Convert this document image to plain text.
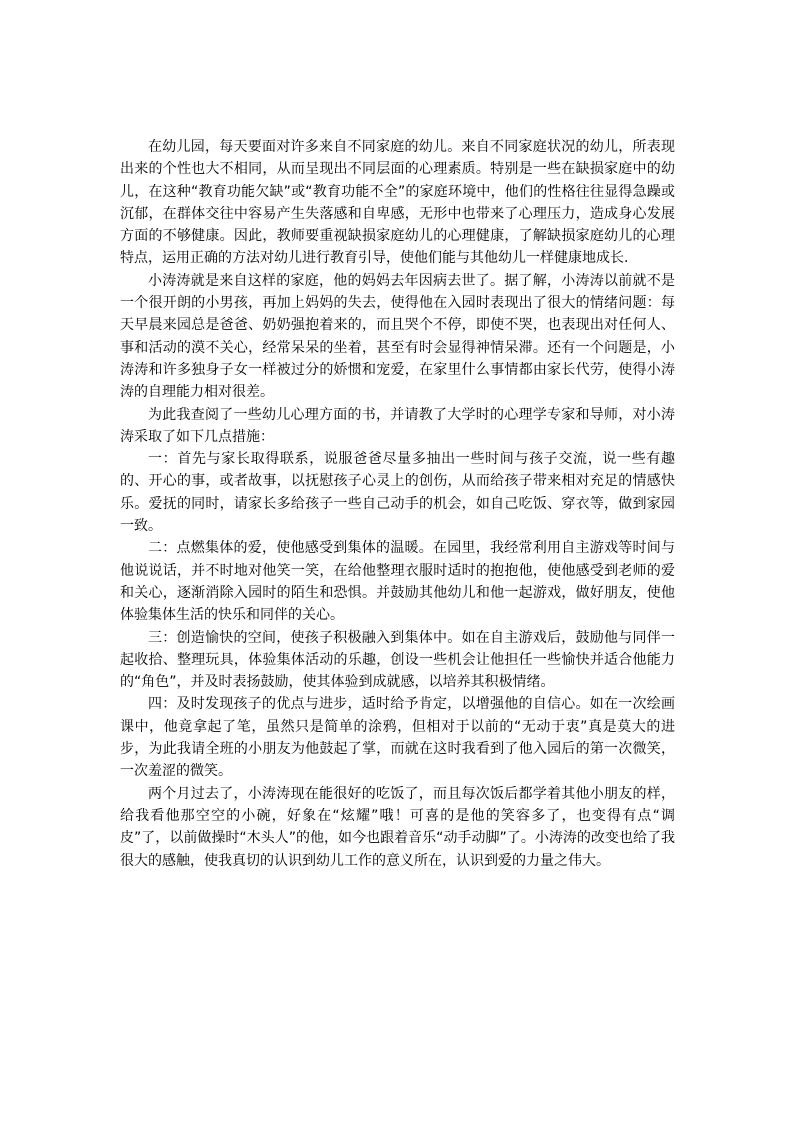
在幼儿园，每天要面对许多来自不同家庭的幼儿。来自不同家庭状况的幼儿，所表现出来的个性也大不相同，从而呈现出不同层面的心理素质。特别是一些在缺损家庭中的幼儿，在这种“教育功能欠缺”或“教育功能不全”的家庭环境中，他们的性格往往显得急躁或沉郁，在群体交往中容易产生失落感和自卑感，无形中也带来了心理压力，造成身心发展方面的不够健康。因此，教师要重视缺损家庭幼儿的心理健康，了解缺损家庭幼儿的心理特点，运用正确的方法对幼儿进行教育引导，使他们能与其他幼儿一样健康地成长.

小涛涛就是来自这样的家庭，他的妈妈去年因病去世了。据了解，小涛涛以前就不是一个很开朗的小男孩，再加上妈妈的失去，使得他在入园时表现出了很大的情绪问题：每天早晨来园总是爸爸、奶奶强抱着来的，而且哭个不停，即使不哭，也表现出对任何人、事和活动的漠不关心，经常呆呆的坐着，甚至有时会显得神情呆滞。还有一个问题是，小涛涛和许多独身子女一样被过分的娇惯和宠爱，在家里什么事情都由家长代劳，使得小涛涛的自理能力相对很差。

为此我查阅了一些幼儿心理方面的书，并请教了大学时的心理学专家和导师，对小涛涛采取了如下几点措施：

一：首先与家长取得联系，说服爸爸尽量多抽出一些时间与孩子交流，说一些有趣的、开心的事，或者故事，以抚慰孩子心灵上的创伤，从而给孩子带来相对充足的情感快乐。爱抚的同时，请家长多给孩子一些自己动手的机会，如自己吃饭、穿衣等，做到家园一致。

二：点燃集体的爱，使他感受到集体的温暖。在园里，我经常利用自主游戏等时间与他说说话，并不时地对他笑一笑，在给他整理衣服时适时的抱抱他，使他感受到老师的爱和关心，逐渐消除入园时的陌生和恐惧。并鼓励其他幼儿和他一起游戏，做好朋友，使他体验集体生活的快乐和同伴的关心。

三：创造愉快的空间，使孩子积极融入到集体中。如在自主游戏后，鼓励他与同伴一起收拾、整理玩具，体验集体活动的乐趣，创设一些机会让他担任一些愉快并适合他能力的“角色”，并及时表扬鼓励，使其体验到成就感，以培养其积极情绪。

四：及时发现孩子的优点与进步，适时给予肯定，以增强他的自信心。如在一次绘画课中，他竟拿起了笔，虽然只是简单的涂鸦，但相对于以前的“无动于衷”真是莫大的进步，为此我请全班的小朋友为他鼓起了掌，而就在这时我看到了他入园后的第一次微笑，一次羞涩的微笑。

两个月过去了，小涛涛现在能很好的吃饭了，而且每次饭后都学着其他小朋友的样，给我看他那空空的小碗，好象在“炫耀”哦！可喜的是他的笑容多了，也变得有点“调皮”了，以前做操时“木头人”的他，如今也跟着音乐“动手动脚”了。小涛涛的改变也给了我很大的感触，使我真切的认识到幼儿工作的意义所在，认识到爱的力量之伟大。
